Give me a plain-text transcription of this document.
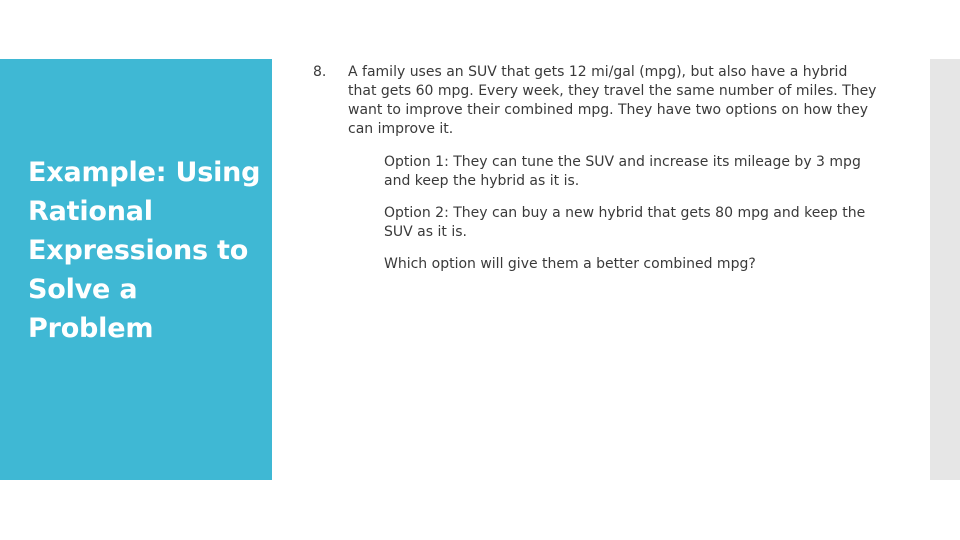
Example: Using Rational Expressions to Solve a Problem
8. A family uses an SUV that gets 12 mi/gal (mpg), but also have a hybrid that gets 60 mpg. Every week, they travel the same number of miles. They want to improve their combined mpg. They have two options on how they can improve it.

Option 1: They can tune the SUV and increase its mileage by 3 mpg and keep the hybrid as it is.

Option 2: They can buy a new hybrid that gets 80 mpg and keep the SUV as it is.

Which option will give them a better combined mpg?
